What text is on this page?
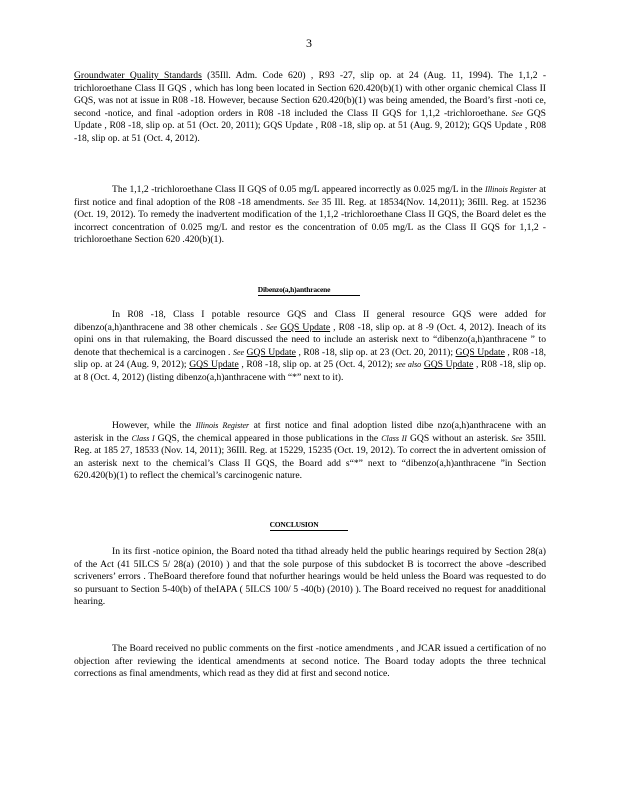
3

Groundwater Quality Standards (35Ill. Adm. Code 620) , R93 -27, slip op. at 24 (Aug. 11, 1994). The 1,1,2 -trichloroethane Class II GQS , which has long been located in Section 620.420(b)(1) with other organic chemical Class II GQS, was not at issue in R08 -18. However, because Section 620.420(b)(1) was being amended, the Board’s first -noti ce, second -notice, and final -adoption orders in R08 -18 included the Class II GQS for 1,1,2 -trichloroethane. See GQS Update , R08 -18, slip op. at 51 (Oct. 20, 2011); GQS Update , R08 -18, slip op. at 51 (Aug. 9, 2012); GQS Update , R08 -18, slip op. at 51 (Oct. 4, 2012).

The 1,1,2 -trichloroethane Class II GQS of 0.05 mg/L appeared incorrectly as 0.025 mg/L in the Illinois Register at first notice and final adoption of the R08 -18 amendments. See 35 Ill. Reg. at 18534(Nov. 14,2011); 36Ill. Reg. at 15236 (Oct. 19, 2012). To remedy the inadvertent modification of the 1,1,2 -trichloroethane Class II GQS, the Board delet es the incorrect concentration of 0.025 mg/L and restor es the concentration of 0.05 mg/L as the Class II GQS for 1,1,2 -trichloroethane Section 620 .420(b)(1).

Dibenzo(a,h)anthracene

In R08 -18, Class I potable resource GQS and Class II general resource GQS were added for dibenzo(a,h)anthracene and 38 other chemicals . See GQS Update , R08 -18, slip op. at 8 -9 (Oct. 4, 2012). Ineach of its opini ons in that rulemaking, the Board discussed the need to include an asterisk next to “dibenzo(a,h)anthracene ” to denote that thechemical is a carcinogen . See GQS Update , R08 -18, slip op. at 23 (Oct. 20, 2011); GQS Update , R08 -18, slip op. at 24 (Aug. 9, 2012); GQS Update , R08 -18, slip op. at 25 (Oct. 4, 2012); see also GQS Update , R08 -18, slip op. at 8 (Oct. 4, 2012) (listing dibenzo(a,h)anthracene with “*” next to it).

However, while the Illinois Register at first notice and final adoption listed dibe nzo(a,h)anthracene with an asterisk in the Class I GQS, the chemical appeared in those publications in the Class II GQS without an asterisk. See 35Ill. Reg. at 185 27, 18533 (Nov. 14, 2011); 36Ill. Reg. at 15229, 15235 (Oct. 19, 2012). To correct the in advertent omission of an asterisk next to the chemical’s Class II GQS, the Board add s“*” next to “dibenzo(a,h)anthracene ”in Section 620.420(b)(1) to reflect the chemical’s carcinogenic nature.

CONCLUSION

In its first -notice opinion, the Board noted tha tithad already held the public hearings required by Section 28(a) of the Act (41 5ILCS 5/ 28(a) (2010) ) and that the sole purpose of this subdocket B is tocorrect the above -described scriveners’ errors . TheBoard therefore found that nofurther hearings would be held unless the Board was requested to do so pursuant to Section 5-40(b) of theIAPA ( 5ILCS 100/ 5 -40(b) (2010) ). The Board received no request for anadditional hearing.

The Board received no public comments on the first -notice amendments , and JCAR issued a certification of no objection after reviewing the identical amendments at second notice. The Board today adopts the three technical corrections as final amendments, which read as they did at first and second notice.
